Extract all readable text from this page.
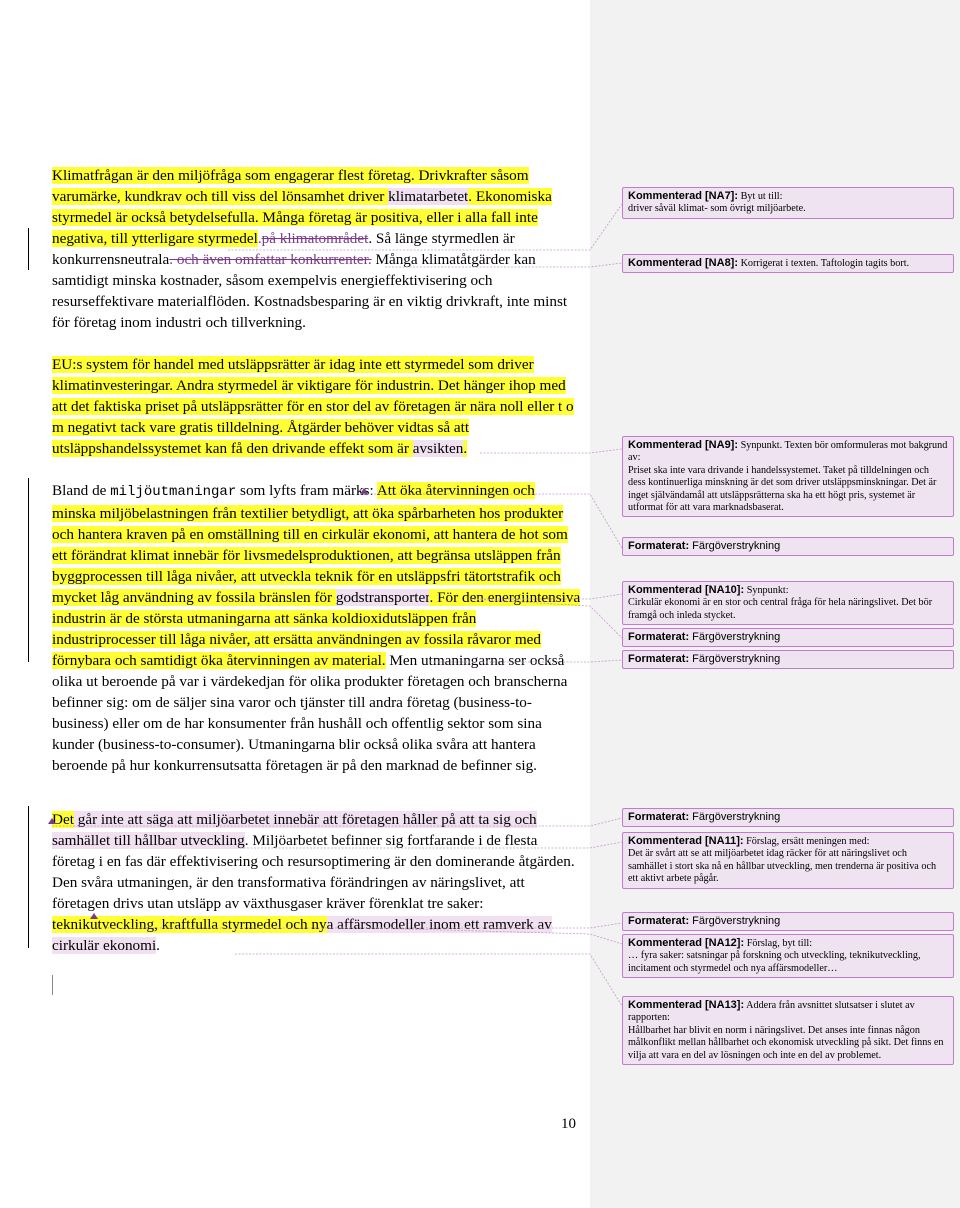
Klimatfrågan är den miljöfråga som engagerar flest företag. Drivkrafter såsom varumärke, kundkrav och till viss del lönsamhet driver klimatarbetet. Ekonomiska styrmedel är också betydelsefulla. Många företag är positiva, eller i alla fall inte negativa, till ytterligare styrmedel.på klimatområdet. Så länge styrmedlen är konkurrensneutrala. och även omfattar konkurrenter. Många klimatåtgärder kan samtidigt minska kostnader, såsom exempelvis energieffektivisering och resurseffektivare materialflöden. Kostnadsbesparing är en viktig drivkraft, inte minst för företag inom industri och tillverkning.

EU:s system för handel med utsläppsrätter är idag inte ett styrmedel som driver klimatinvesteringar. Andra styrmedel är viktigare för industrin. Det hänger ihop med att det faktiska priset på utsläppsrätter för en stor del av företagen är nära noll eller t o m negativt tack vare gratis tilldelning. Åtgärder behöver vidtas så att utsläppshandelssystemet kan få den drivande effekt som är avsikten.

Bland de miljöutmaningar som lyfts fram märks: Att öka återvinningen och minska miljöbelastningen från textilier betydligt, att öka spårbarheten hos produkter och hantera kraven på en omställning till en cirkulär ekonomi, att hantera de hot som ett förändrat klimat innebär för livsmedelsproduktionen, att begränsa utsläppen från byggprocessen till låga nivåer, att utveckla teknik för en utsläppsfri tätortstrafik och mycket låg användning av fossila bränslen för godstransporter. För den energiintensiva industrin är de största utmaningarna att sänka koldioxidutsläppen från industriprocesser till låga nivåer, att ersätta användningen av fossila råvaror med förnybara och samtidigt öka återvinningen av material. Men utmaningarna ser också olika ut beroende på var i värdekedjan för olika produkter företagen och branscherna befinner sig: om de säljer sina varor och tjänster till andra företag (business-to-business) eller om de har konsumenter från hushåll och offentlig sektor som sina kunder (business-to-consumer). Utmaningarna blir också olika svåra att hantera beroende på hur konkurrensutsatta företagen är på den marknad de befinner sig.

Det går inte att säga att miljöarbetet innebär att företagen håller på att ta sig och samhället till hållbar utveckling. Miljöarbetet befinner sig fortfarande i de flesta företag i en fas där effektivisering och resursoptimering är den dominerande åtgärden. Den svåra utmaningen, är den transformativa förändringen av näringslivet, att företagen drivs utan utsläpp av växthusgaser kräver förenklat tre saker: teknikutveckling, kraftfulla styrmedel och nya affärsmodeller inom ett ramverk av cirkulär ekonomi.

Kommenterad [NA7]: Byt ut till:
driver såväl klimat- som övrigt miljöarbete.
Kommenterad [NA8]: Korrigerat i texten. Taftologin tagits bort.
Kommenterad [NA9]: Synpunkt. Texten bör omformuleras mot bakgrund av:
Priset ska inte vara drivande i handelssystemet. Taket på tilldelningen och dess kontinuerliga minskning är det som driver utsläppsminskningar. Det är inget självändamål att utsläppsrätterna ska ha ett högt pris, systemet är utformat för att vara marknadsbaserat.
Formaterat: Färgöverstrykning
Kommenterad [NA10]: Synpunkt:
Cirkulär ekonomi är en stor och central fråga för hela näringslivet. Det bör framgå och inleda stycket.
Formaterat: Färgöverstrykning
Formaterat: Färgöverstrykning
Formaterat: Färgöverstrykning
Kommenterad [NA11]: Förslag, ersätt meningen med:
Det är svårt att se att miljöarbetet idag räcker för att näringslivet och samhället i stort ska nå en hållbar utveckling, men trenderna är positiva och ett aktivt arbete pågår.
Formaterat: Färgöverstrykning
Kommenterad [NA12]: Förslag, byt till:
… fyra saker: satsningar på forskning och utveckling, teknikutveckling, incitament och styrmedel och nya affärsmodeller…
Kommenterad [NA13]: Addera från avsnittet slutsatser i slutet av rapporten:
Hållbarhet har blivit en norm i näringslivet. Det anses inte finnas någon målkonflikt mellan hållbarhet och ekonomisk utveckling på sikt. Det finns en vilja att vara en del av lösningen och inte en del av problemet.
10
